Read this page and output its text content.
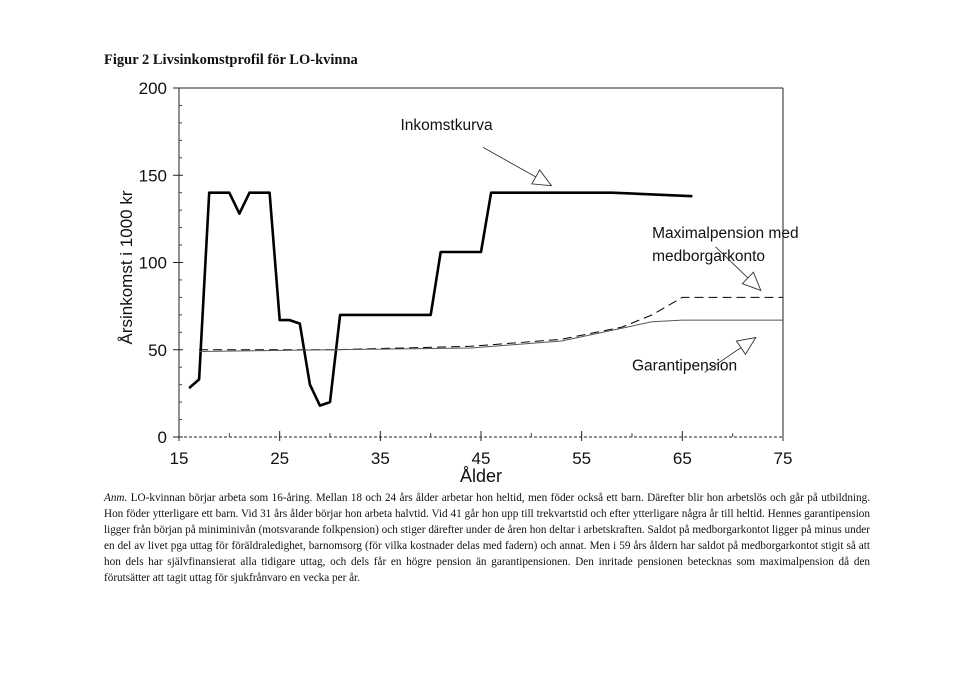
Figur 2 Livsinkomstprofil för LO-kvinna
0
50
100
150
200
15	25	35	45	55	65	75
Inkomstkurva
Maximalpension med
medborgarkonto
Garantipension
Ålder
Årsinkomst i 1000 kr
Anm. LO-kvinnan börjar arbeta som 16-åring. Mellan 18 och 24 års ålder arbetar hon heltid, men föder också ett barn. Därefter blir hon arbetslös och går på utbildning. Hon föder ytterligare ett barn. Vid 31 års ålder börjar hon arbeta halvtid. Vid 41 går hon upp till trekvartstid och efter ytterligare några år till heltid. Hennes garantipension ligger från början på miniminivån (motsvarande folkpension) och stiger därefter under de åren hon deltar i arbetskraften. Saldot på medborgarkontot ligger på minus under en del av livet pga uttag för föräldraledighet, barnomsorg (för vilka kostnader delas med fadern) och annat. Men i 59 års åldern har saldot på medborgarkontot stigit så att hon dels har självfinansierat alla tidigare uttag, och dels får en högre pension än garantipensionen. Den inritade pensionen betecknas som maximalpension då den förutsätter att tagit uttag för sjukfrånvaro en vecka per år.
